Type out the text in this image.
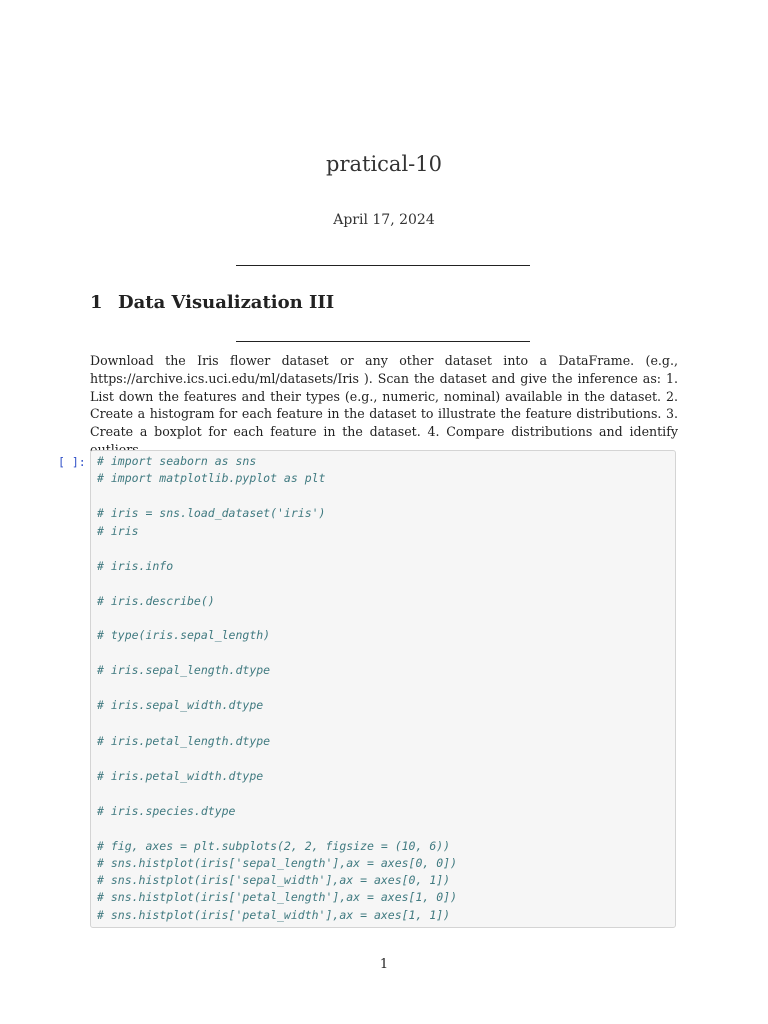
pratical-10
April 17, 2024
1 Data Visualization III
Download the Iris flower dataset or any other dataset into a DataFrame. (e.g., https://archive.ics.uci.edu/ml/datasets/Iris ). Scan the dataset and give the inference as: 1. List down the features and their types (e.g., numeric, nominal) available in the dataset. 2. Create a histogram for each feature in the dataset to illustrate the feature distributions. 3. Create a boxplot for each feature in the dataset. 4. Compare distributions and identify
[ ]: # import seaborn as sns
# import matplotlib.pyplot as plt
# iris = sns.load_dataset('iris')
# iris
# iris.info
# iris.describe()
# type(iris.sepal_length)
# iris.sepal_length.dtype
# iris.sepal_width.dtype
# iris.petal_length.dtype
# iris.petal_width.dtype
# iris.species.dtype
# fig, axes = plt.subplots(2, 2, figsize = (10, 6))
# sns.histplot(iris['sepal_length'],ax = axes[0, 0])
# sns.histplot(iris['sepal_width'],ax = axes[0, 1])
# sns.histplot(iris['petal_length'],ax = axes[1, 0])
# sns.histplot(iris['petal_width'],ax = axes[1, 1])
1
